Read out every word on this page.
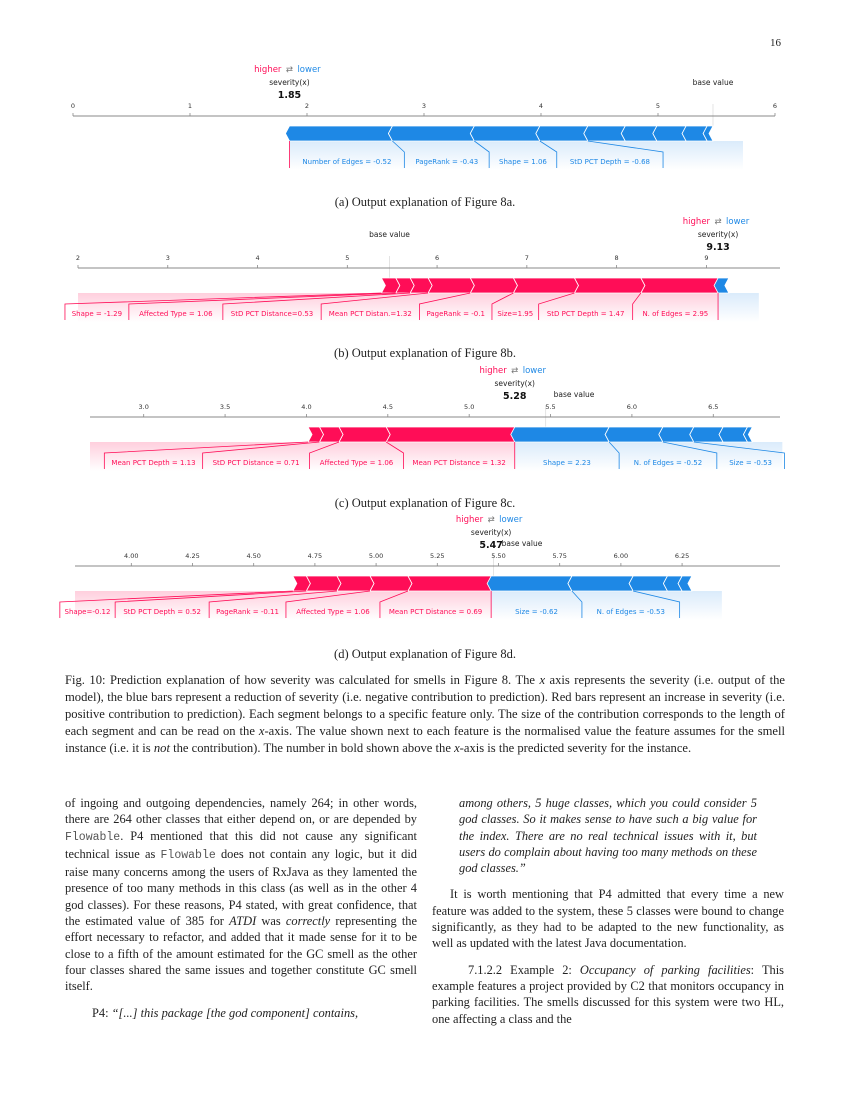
16
higher ⇄ lower
severity(x)
1.85
base value
0	1	2	3	4	5	6
Number of Edges = -0.52	PageRank = -0.43	Shape = 1.06	StD PCT Depth = -0.68
(a) Output explanation of Figure 8a.
higher ⇄ lower
severity(x)
9.13
base value
2	3	4	5	6	7	8	9
N. of Edges = 2.95
StD PCT Depth = 1.47
Size=1.95
PageRank = -0.1
Mean PCT Distan.=1.32
StD PCT Distance=0.53
Affected Type = 1.06
Shape = -1.29
(b) Output explanation of Figure 8b.
higher ⇄ lower
severity(x)
5.28	base value
3.0	3.5	4.0	4.5	5.0	5.5	6.0	6.5
Mean PCT Distance = 1.32
Affected Type = 1.06
StD PCT Distance = 0.71
Mean PCT Depth = 1.13	Shape = 2.23	N. of Edges = -0.52	Size = -0.53
(c) Output explanation of Figure 8c.
higher ⇄ lower
severity(x)
5.47
base value
4.00	4.25	4.50	4.75	5.00	5.25	5.50	5.75	6.00	6.25
Mean PCT Distance = 0.69
Affected Type = 1.06
PageRank = -0.11
StD PCT Depth = 0.52
Shape=-0.12	Size = -0.62	N. of Edges = -0.53
(d) Output explanation of Figure 8d.
Fig. 10: Prediction explanation of how severity was calculated for smells in Figure 8. The x axis represents the severity (i.e. output of the model), the blue bars represent a reduction of severity (i.e. negative contribution to prediction). Red bars represent an increase in severity (i.e. positive contribution to prediction). Each segment belongs to a specific feature only. The size of the contribution corresponds to the length of each segment and can be read on the x-axis. The value shown next to each feature is the normalised value the feature assumes for the smell instance (i.e. it is not the contribution). The number in bold shown above the x-axis is the predicted severity for the instance.

of ingoing and outgoing dependencies, namely 264; in other words, there are 264 other classes that either depend on, or are depended by Flowable. P4 mentioned that this did not cause any significant technical issue as Flowable does not contain any logic, but it did raise many concerns among the users of RxJava as they lamented the presence of too many methods in this class (as well as in the other 4 god classes). For these reasons, P4 stated, with great confidence, that the estimated value of 385 for ATDI was correctly representing the effort necessary to refactor, and added that it made sense for it to be close to a fifth of the amount estimated for the GC smell as the other four classes shared the same issues and together constitute GC smell itself.

P4: “[...] this package [the god component] contains,

among others, 5 huge classes, which you could consider 5 god classes. So it makes sense to have such a big value for the index. There are no real technical issues with it, but users do complain about having too many methods on these god classes.”

It is worth mentioning that P4 admitted that every time a new feature was added to the system, these 5 classes were bound to change significantly, as they had to be adapted to the new functionality, as well as updated with the latest Java documentation.

7.1.2.2 Example 2: Occupancy of parking facilities: This example features a project provided by C2 that monitors occupancy in parking facilities. The smells discussed for this system were two HL, one affecting a class and the
